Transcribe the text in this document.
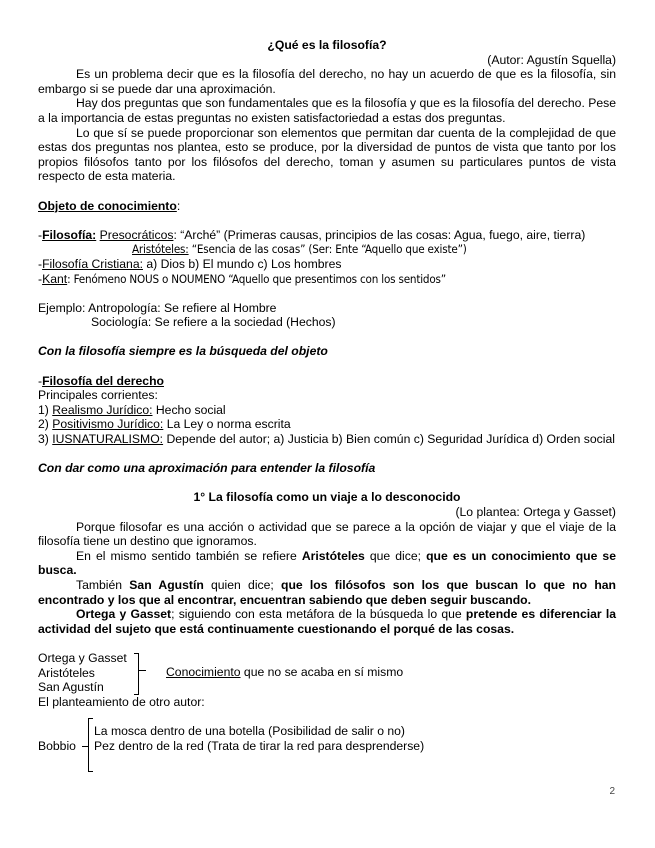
¿Qué es la filosofía?
(Autor: Agustín Squella)
Es un problema decir que es la filosofía del derecho, no hay un acuerdo de que es la filosofía, sin embargo si se puede dar una aproximación.
Hay dos preguntas que son fundamentales que es la filosofía y que es la filosofía del derecho. Pese a la importancia de estas preguntas no existen satisfactoriedad a estas dos preguntas.
Lo que sí se puede proporcionar son elementos que permitan dar cuenta de la complejidad de que estas dos preguntas nos plantea, esto se produce, por la diversidad de puntos de vista que tanto por los propios filósofos tanto por los filósofos del derecho, toman y asumen su particulares puntos de vista respecto de esta materia.
Objeto de conocimiento:
-Filosofía: Presocráticos: “Arché” (Primeras causas, principios de las cosas: Agua, fuego, aire, tierra)
Aristóteles: “Esencia de las cosas” (Ser: Ente “Aquello que existe”)
-Filosofía Cristiana: a) Dios b) El mundo c) Los hombres
-Kant: Fenómeno NOUS o NOUMENO “Aquello que presentimos con los sentidos”
Ejemplo: Antropología: Se refiere al Hombre
Sociología: Se refiere a la sociedad (Hechos)
Con la filosofía siempre es la búsqueda del objeto
-Filosofía del derecho
Principales corrientes:
1) Realismo Jurídico: Hecho social
2) Positivismo Jurídico: La Ley o norma escrita
3) IUSNATURALISMO: Depende del autor; a) Justicia b) Bien común c) Seguridad Jurídica d) Orden social
Con dar como una aproximación para entender la filosofía
1° La filosofía como un viaje a lo desconocido
(Lo plantea: Ortega y Gasset)
Porque filosofar es una acción o actividad que se parece a la opción de viajar y que el viaje de la filosofía tiene un destino que ignoramos.
En el mismo sentido también se refiere Aristóteles que dice; que es un conocimiento que se busca.
También San Agustín quien dice; que los filósofos son los que buscan lo que no han encontrado y los que al encontrar, encuentran sabiendo que deben seguir buscando.
Ortega y Gasset; siguiendo con esta metáfora de la búsqueda lo que pretende es diferenciar la actividad del sujeto que está continuamente cuestionando el porqué de las cosas.
Ortega y Gasset
Aristóteles
San Agustín
Conocimiento que no se acaba en sí mismo
El planteamiento de otro autor:
Bobbio
La mosca dentro de una botella (Posibilidad de salir o no)
Pez dentro de la red (Trata de tirar la red para desprenderse)
2
